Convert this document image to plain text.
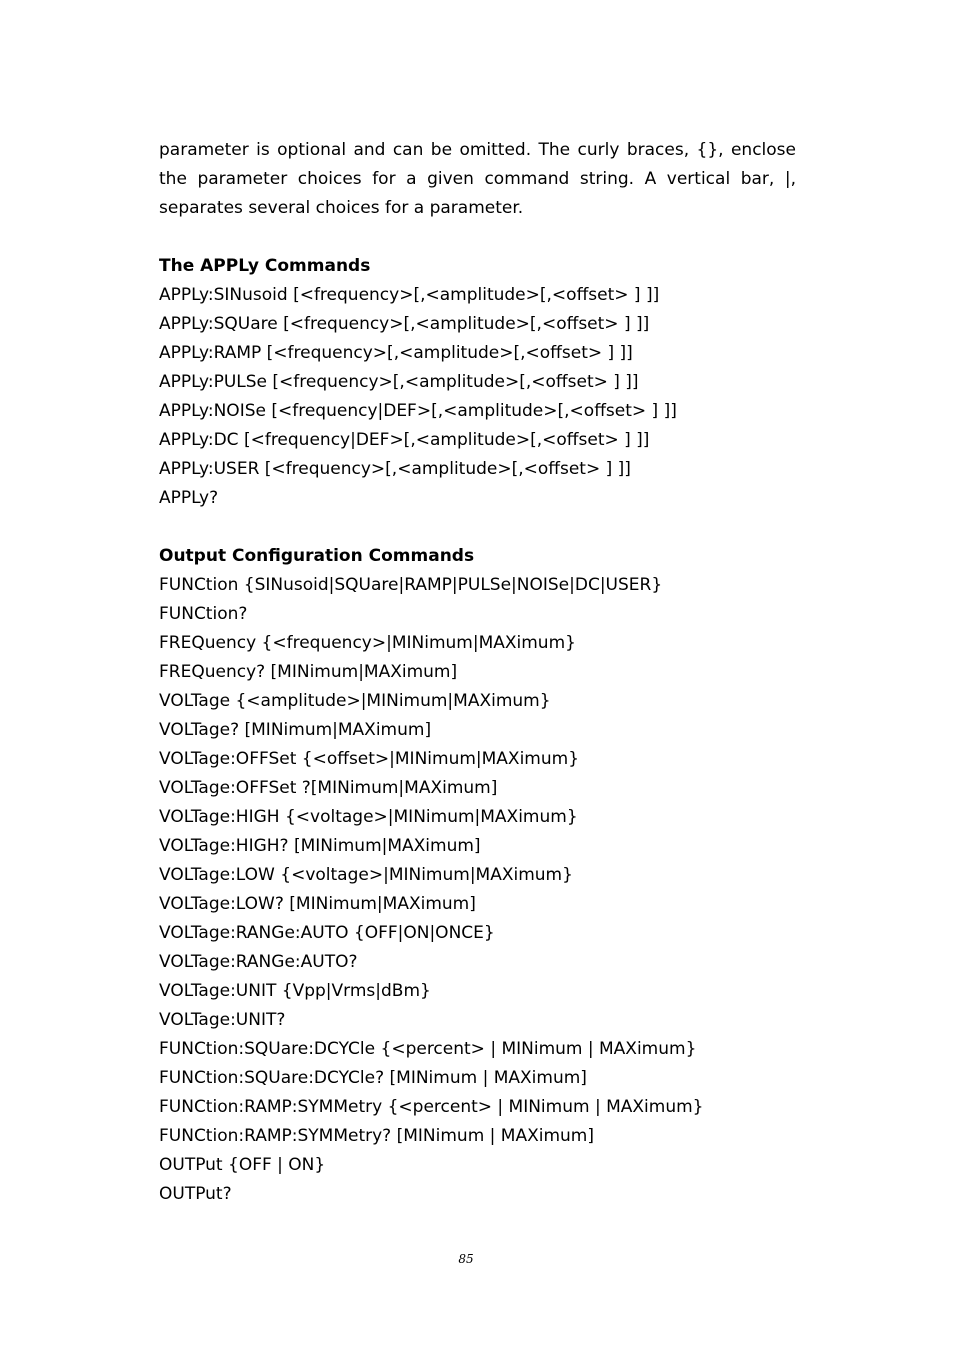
parameter is optional and can be omitted. The curly braces, {}, enclose the parameter choices for a given command string. A vertical bar, |, separates several choices for a parameter.

The APPLy Commands
APPLy:SINusoid [<frequency>[,<amplitude>[,<offset> ] ]]
APPLy:SQUare [<frequency>[,<amplitude>[,<offset> ] ]]
APPLy:RAMP [<frequency>[,<amplitude>[,<offset> ] ]]
APPLy:PULSe [<frequency>[,<amplitude>[,<offset> ] ]]
APPLy:NOISe [<frequency|DEF>[,<amplitude>[,<offset> ] ]]
APPLy:DC [<frequency|DEF>[,<amplitude>[,<offset> ] ]]
APPLy:USER [<frequency>[,<amplitude>[,<offset> ] ]]
APPLy?
Output Configuration Commands
FUNCtion {SINusoid|SQUare|RAMP|PULSe|NOISe|DC|USER}
FUNCtion?
FREQuency {<frequency>|MINimum|MAXimum}
FREQuency? [MINimum|MAXimum]
VOLTage {<amplitude>|MINimum|MAXimum}
VOLTage? [MINimum|MAXimum]
VOLTage:OFFSet {<offset>|MINimum|MAXimum}
VOLTage:OFFSet ?[MINimum|MAXimum]
VOLTage:HIGH {<voltage>|MINimum|MAXimum}
VOLTage:HIGH? [MINimum|MAXimum]
VOLTage:LOW {<voltage>|MINimum|MAXimum}
VOLTage:LOW? [MINimum|MAXimum]
VOLTage:RANGe:AUTO {OFF|ON|ONCE}
VOLTage:RANGe:AUTO?
VOLTage:UNIT {Vpp|Vrms|dBm}
VOLTage:UNIT?
FUNCtion:SQUare:DCYCle {<percent> | MINimum | MAXimum}
FUNCtion:SQUare:DCYCle? [MINimum | MAXimum]
FUNCtion:RAMP:SYMMetry {<percent> | MINimum | MAXimum}
FUNCtion:RAMP:SYMMetry? [MINimum | MAXimum]
OUTPut {OFF | ON}
OUTPut?
85
